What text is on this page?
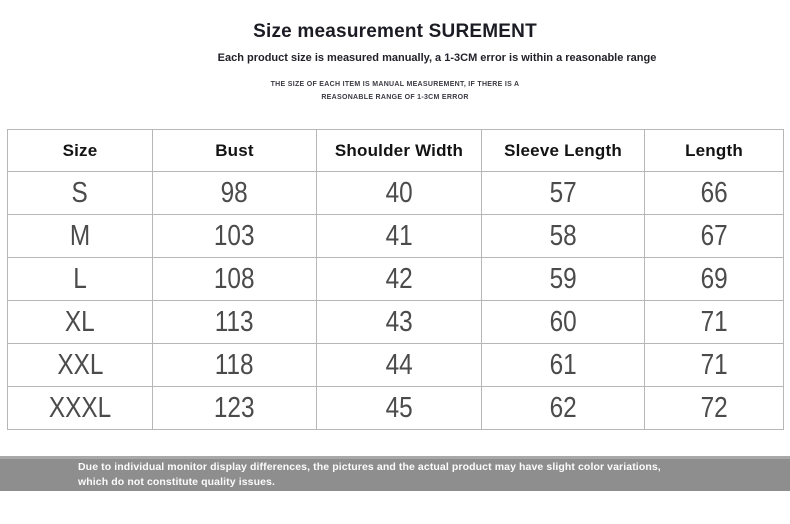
Size measurement SUREMENT
Each product size is measured manually, a 1-3CM error is within a reasonable range
THE SIZE OF EACH ITEM IS MANUAL MEASUREMENT, IF THERE IS A
REASONABLE RANGE OF 1-3CM ERROR
Size	Bust	Shoulder Width	Sleeve Length	Length
S	98	40	57	66
M	103	41	58	67
L	108	42	59	69
XL	113	43	60	71
XXL	118	44	61	71
XXXL	123	45	62	72
Due to individual monitor display differences, the pictures and the actual product may have slight color variations,
which do not constitute quality issues.
